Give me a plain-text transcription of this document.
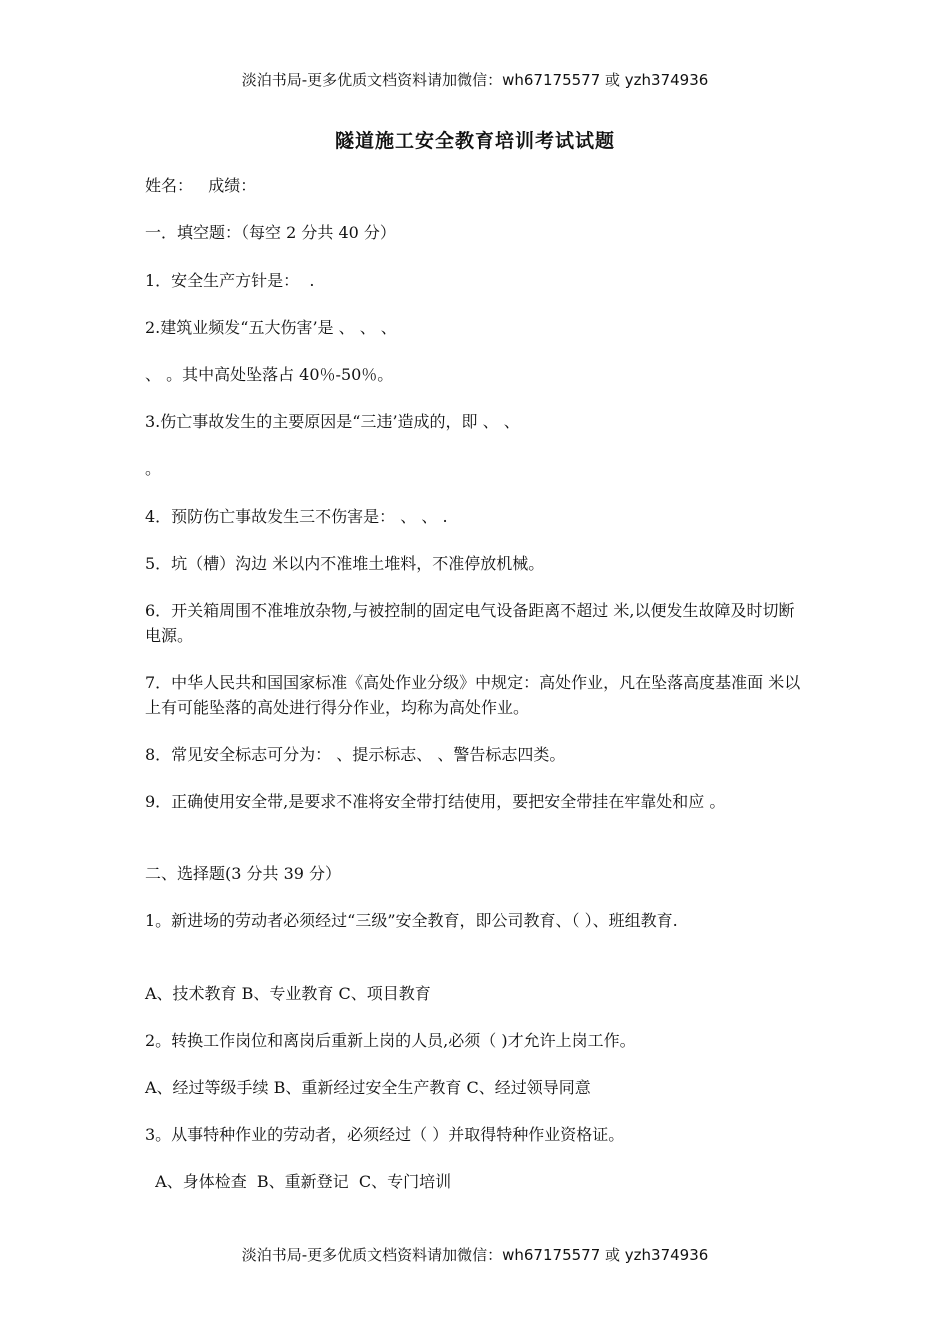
淡泊书局-更多优质文档资料请加微信：wh67175577 或 yzh374936
隧道施工安全教育培训考试试题
姓名：   成绩：
一．填空题：（每空 2 分共 40 分）
1．安全生产方针是：  .
2.建筑业频发“五大伤害’是 、 、 、
、 。其中高处坠落占 40％-50％。
3.伤亡事故发生的主要原因是“三违’造成的，即 、 、
。
4．预防伤亡事故发生三不伤害是： 、 、 .
5．坑（槽）沟边 米以内不准堆土堆料，不准停放机械。
6．开关箱周围不准堆放杂物,与被控制的固定电气设备距离不超过 米,以便发生故障及时切断电源。
7．中华人民共和国国家标准《高处作业分级》中规定：高处作业，凡在坠落高度基准面 米以上有可能坠落的高处进行得分作业，均称为高处作业。
8．常见安全标志可分为： 、提示标志、 、警告标志四类。
9．正确使用安全带,是要求不准将安全带打结使用，要把安全带挂在牢靠处和应 。
二、选择题(3 分共 39 分）
1。新进场的劳动者必须经过“三级”安全教育，即公司教育、（ ）、班组教育.
A、技术教育 B、专业教育 C、项目教育
2。转换工作岗位和离岗后重新上岗的人员,必须（ )才允许上岗工作。
A、经过等级手续 B、重新经过安全生产教育 C、经过领导同意
3。从事特种作业的劳动者，必须经过（ ）并取得特种作业资格证。
A、身体检查  B、重新登记  C、专门培训
淡泊书局-更多优质文档资料请加微信：wh67175577 或 yzh374936
